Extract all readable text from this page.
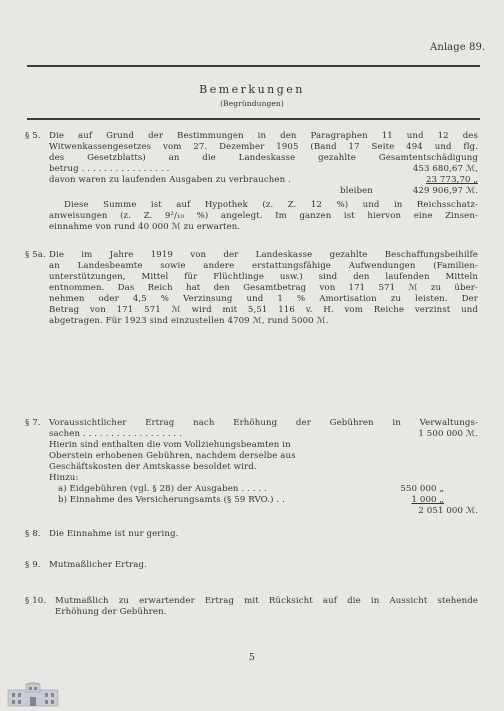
Anlage 89.
Bemerkungen
(Begründungen)
§ 5. Die auf Grund der Bestimmungen in den Paragraphen 11 und 12 des
Witwenkassengesetzes vom 27. Dezember 1905 (Band 17 Seite 494 und flg.
des Gesetzblatts) an die Landeskasse gezahlte Gesamtentschädigung
betrug . . . . . . . . . . . . . . . .	453 680,67 ℳ,
davon waren zu laufenden Ausgaben zu verbrauchen .	23 773,70 „
bleiben	429 906,97 ℳ.
Diese Summe ist auf Hypothek (z. Z. 12 %) und in Reichsschatz-
anweisungen (z. Z. 9²/₁₀ %) angelegt. Im ganzen ist hiervon eine Zinsen-
einnahme von rund 40 000 ℳ zu erwarten.
§ 5a. Die im Jahre 1919 von der Landeskasse gezahlte Beschaffungsbeihilfe
an Landesbeamte sowie andere erstattungsfähige Aufwendungen (Familien-
unterstützungen, Mittel für Flüchtlinge usw.) sind den laufenden Mitteln
entnommen. Das Reich hat den Gesamtbetrag von 171 571 ℳ zu über-
nehmen oder 4,5 % Verzinsung und 1 % Amortisation zu leisten. Der
Betrag von 171 571 ℳ wird mit 5,51 116 v. H. vom Reiche verzinst und
abgetragen. Für 1923 sind einzustellen 4709 ℳ, rund 5000 ℳ.
§ 7. Voraussichtlicher Ertrag nach Erhöhung der Gebühren in Verwaltungs-
sachen . . . . . . . . . . . . . . . . . .	1 500 000 ℳ.
Hierin sind enthalten die vom Vollziehungsbeamten in
Oberstein erhobenen Gebühren, nachdem derselbe aus
Geschäftskosten der Amtskasse besoldet wird.
Hinzu:
a) Eidgebühren (vgl. § 28) der Ausgaben . . . . .	550 000 „
b) Einnahme des Versicherungsamts (§ 59 RVO.) . .	1 000 „
2 051 000 ℳ.
§ 8. Die Einnahme ist nur gering.
§ 9. Mutmaßlicher Ertrag.
§ 10. Mutmaßlich zu erwartender Ertrag mit Rücksicht auf die in Aussicht stehende
Erhöhung der Gebühren.
5
